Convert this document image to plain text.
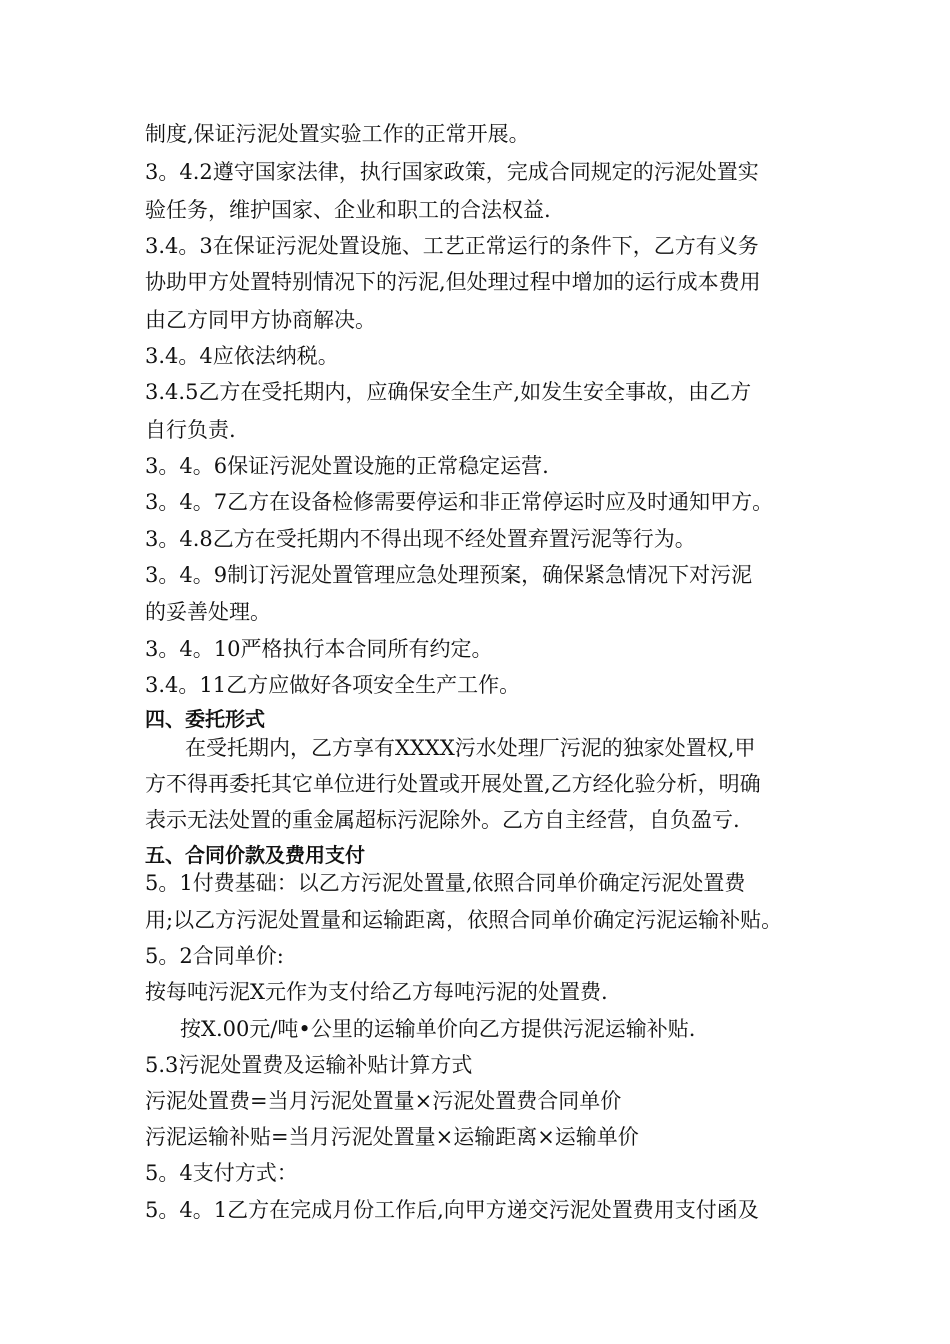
制度,保证污泥处置实验工作的正常开展。
3。4.2遵守国家法律，执行国家政策，完成合同规定的污泥处置实
验任务，维护国家、企业和职工的合法权益.
3.4。3在保证污泥处置设施、工艺正常运行的条件下，乙方有义务
协助甲方处置特别情况下的污泥,但处理过程中增加的运行成本费用
由乙方同甲方协商解决。
3.4。4应依法纳税。
3.4.5乙方在受托期内，应确保安全生产,如发生安全事故，由乙方
自行负责.
3。4。6保证污泥处置设施的正常稳定运营.
3。4。7乙方在设备检修需要停运和非正常停运时应及时通知甲方。
3。4.8乙方在受托期内不得出现不经处置弃置污泥等行为。
3。4。9制订污泥处置管理应急处理预案，确保紧急情况下对污泥
的妥善处理。
3。4。10严格执行本合同所有约定。
3.4。11乙方应做好各项安全生产工作。
四、委托形式
在受托期内，乙方享有XXXX污水处理厂污泥的独家处置权,甲
方不得再委托其它单位进行处置或开展处置,乙方经化验分析，明确
表示无法处置的重金属超标污泥除外。乙方自主经营，自负盈亏.
五、合同价款及费用支付
5。1付费基础：以乙方污泥处置量,依照合同单价确定污泥处置费
用;以乙方污泥处置量和运输距离，依照合同单价确定污泥运输补贴。
5。2合同单价:
按每吨污泥X元作为支付给乙方每吨污泥的处置费.
按X.00元/吨•公里的运输单价向乙方提供污泥运输补贴.
5.3污泥处置费及运输补贴计算方式
污泥处置费=当月污泥处置量×污泥处置费合同单价
污泥运输补贴=当月污泥处置量×运输距离×运输单价
5。4支付方式：
5。4。1乙方在完成月份工作后,向甲方递交污泥处置费用支付函及
